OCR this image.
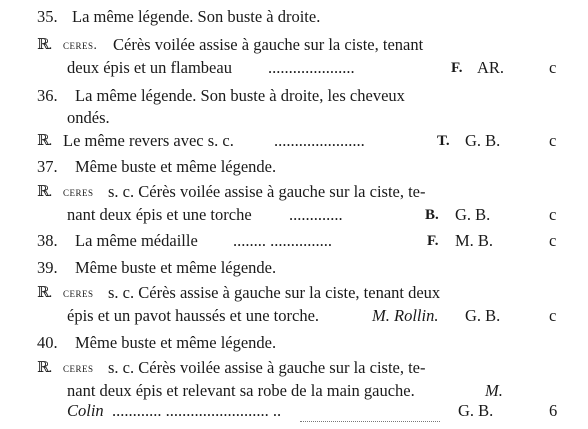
35. La même légende. Son buste à droite.
ℝ. ceres. Cérès voilée assise à gauche sur la ciste, tenant
deux épis et un flambeau .....................	F. AR.	c
36. La même légende. Son buste à droite, les cheveux
ondés.
ℝ. Le même revers avec s. c. ......................	T. G. B.	c
37. Même buste et même légende.
ℝ. ceres s. c. Cérès voilée assise à gauche sur la ciste, te-
nant deux épis et une torche .............	B. G. B.	c
38. La même médaille ........ ...............	F. M. B.	c
39. Même buste et même légende.
ℝ. ceres s. c. Cérès assise à gauche sur la ciste, tenant deux
épis et un pavot haussés et une torche.	M. Rollin. G. B.	c
40. Même buste et même légende.
ℝ. ceres s. c. Cérès voilée assise à gauche sur la ciste, te-
nant deux épis et relevant sa robe de la main gauche.	M.
Colin ............ ......................... ..	G. B.	6
